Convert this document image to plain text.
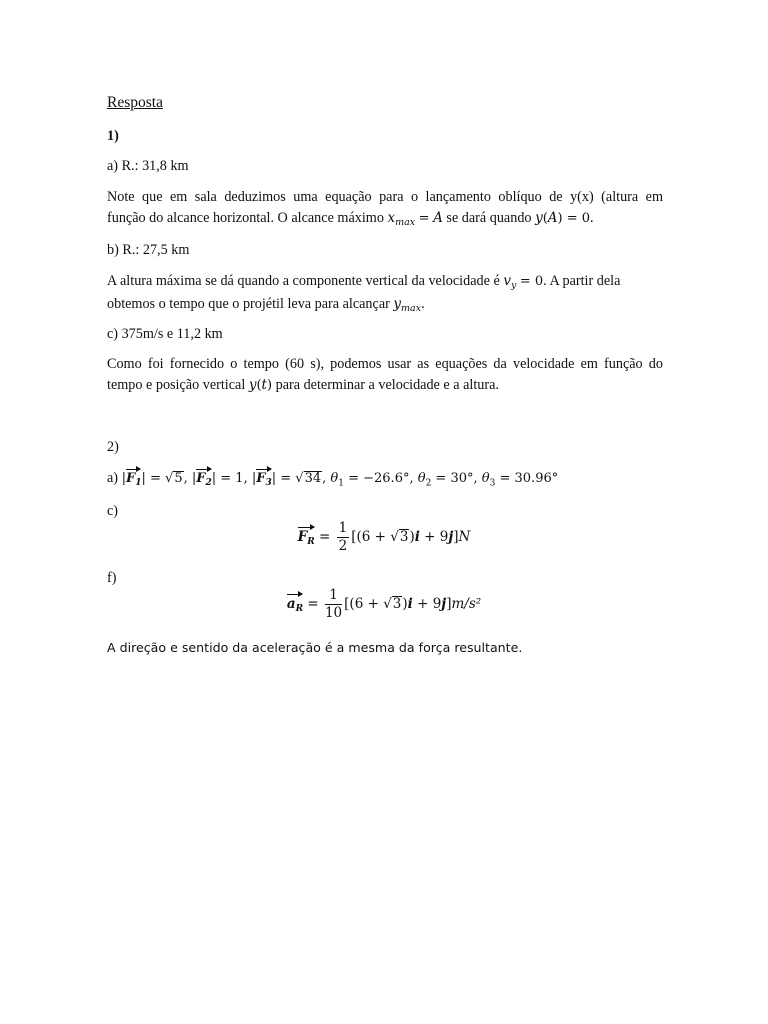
Resposta
1)
a) R.: 31,8 km
Note que em sala deduzimos uma equação para o lançamento oblíquo de y(x) (altura em
função do alcance horizontal. O alcance máximo $x_{max} = A$ se dará quando y(A) = 0.
b) R.: 27,5 km
A altura máxima se dá quando a componente vertical da velocidade é $v_y = 0$. A partir dela
obtemos o tempo que o projétil leva para alcançar $y_{max}$.
c) 375m/s e 11,2 km
Como foi fornecido o tempo (60 s), podemos usar as equações da velocidade em função do
tempo e posição vertical y(t) para determinar a velocidade e a altura.
2)
a) $|F_1| = √5$, $|F_2| = 1$, $|F_3| = √34$, $\theta_1 = -26.6^\circ$, $\theta_2 = 30^\circ$, $\theta_3 = 30.96^\circ$
c)
$F_R = \frac{1}{2} [(6 + √3)i + 9j]N$
f)
$a_R = \frac{1}{10} [(6 + √3)i + 9j]m/s^2$
A direção e sentido da aceleração é a mesma da força resultante.
